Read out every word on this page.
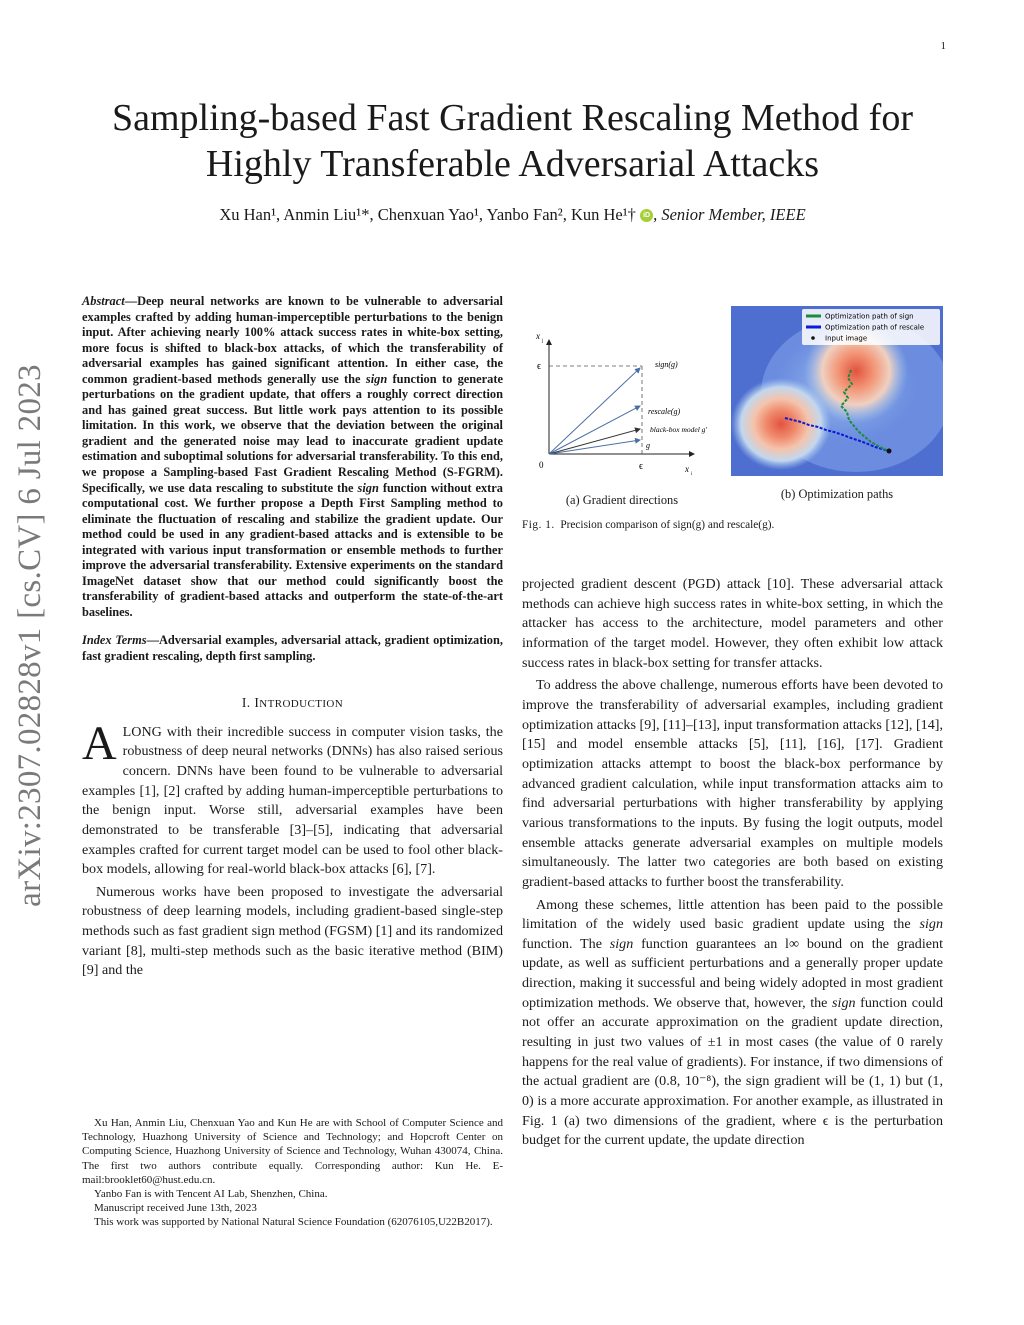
1
arXiv:2307.02828v1 [cs.CV] 6 Jul 2023
Sampling-based Fast Gradient Rescaling Method for Highly Transferable Adversarial Attacks
Xu Han¹, Anmin Liu¹*, Chenxuan Yao¹, Yanbo Fan², Kun He¹† iD , Senior Member, IEEE

Abstract—Deep neural networks are known to be vulnerable to adversarial examples crafted by adding human-imperceptible perturbations to the benign input. After achieving nearly 100% attack success rates in white-box setting, more focus is shifted to black-box attacks, of which the transferability of adversarial examples has gained significant attention. In either case, the common gradient-based methods generally use the sign function to generate perturbations on the gradient update, that offers a roughly correct direction and has gained great success. But little work pays attention to its possible limitation. In this work, we observe that the deviation between the original gradient and the generated noise may lead to inaccurate gradient update estimation and suboptimal solutions for adversarial transferability. To this end, we propose a Sampling-based Fast Gradient Rescaling Method (S-FGRM). Specifically, we use data rescaling to substitute the sign function without extra computational cost. We further propose a Depth First Sampling method to eliminate the fluctuation of rescaling and stabilize the gradient update. Our method could be used in any gradient-based attacks and is extensible to be integrated with various input transformation or ensemble methods to further improve the adversarial transferability. Extensive experiments on the standard ImageNet dataset show that our method could significantly boost the transferability of gradient-based attacks and outperform the state-of-the-art baselines.

Index Terms—Adversarial examples, adversarial attack, gradient optimization, fast gradient rescaling, depth first sampling.

I. INTRODUCTION

ALONG with their incredible success in computer vision tasks, the robustness of deep neural networks (DNNs) has also raised serious concern. DNNs have been found to be vulnerable to adversarial examples [1], [2] crafted by adding human-imperceptible perturbations to the benign input. Worse still, adversarial examples have been demonstrated to be transferable [3]–[5], indicating that adversarial examples crafted for current target model can be used to fool other black-box models, allowing for real-world black-box attacks [6], [7].

Numerous works have been proposed to investigate the adversarial robustness of deep learning models, including gradient-based single-step methods such as fast gradient sign method (FGSM) [1] and its randomized variant [8], multi-step methods such as the basic iterative method (BIM) [9] and the

Xu Han, Anmin Liu, Chenxuan Yao and Kun He are with School of Computer Science and Technology, Huazhong University of Science and Technology; and Hopcroft Center on Computing Science, Huazhong University of Science and Technology, Wuhan 430074, China. The first two authors contribute equally. Corresponding author: Kun He. E-mail:brooklet60@hust.edu.cn.

Yanbo Fan is with Tencent AI Lab, Shenzhen, China.

Manuscript received June 13th, 2023

This work was supported by National Natural Science Foundation (62076105,U22B2017).

x
j
x
i
ϵ
ϵ
0
sign(g)
rescale(g)
black-box model g'
g
(a) Gradient directions
Optimization path of sign
Optimization path of rescale
Input image
(b) Optimization paths
Fig. 1. Precision comparison of sign(g) and rescale(g).

projected gradient descent (PGD) attack [10]. These adversarial attack methods can achieve high success rates in white-box setting, in which the attacker has access to the architecture, model parameters and other information of the target model. However, they often exhibit low attack success rates in black-box setting for transfer attacks.

To address the above challenge, numerous efforts have been devoted to improve the transferability of adversarial examples, including gradient optimization attacks [9], [11]–[13], input transformation attacks [12], [14], [15] and model ensemble attacks [5], [11], [16], [17]. Gradient optimization attacks attempt to boost the black-box performance by advanced gradient calculation, while input transformation attacks aim to find adversarial perturbations with higher transferability by applying various transformations to the inputs. By fusing the logit outputs, model ensemble attacks generate adversarial examples on multiple models simultaneously. The latter two categories are both based on existing gradient-based attacks to further boost the transferability.

Among these schemes, little attention has been paid to the possible limitation of the widely used basic gradient update using the sign function. The sign function guarantees an l∞ bound on the gradient update, as well as sufficient perturbations and a generally proper update direction, making it successful and being widely adopted in most gradient optimization methods. We observe that, however, the sign function could not offer an accurate approximation on the gradient update direction, resulting in just two values of ±1 in most cases (the value of 0 rarely happens for the real value of gradients). For instance, if two dimensions of the actual gradient are (0.8, 10⁻⁸), the sign gradient will be (1, 1) but (1, 0) is a more accurate approximation. For another example, as illustrated in Fig. 1 (a) two dimensions of the gradient, where ϵ is the perturbation budget for the current update, the update direction
